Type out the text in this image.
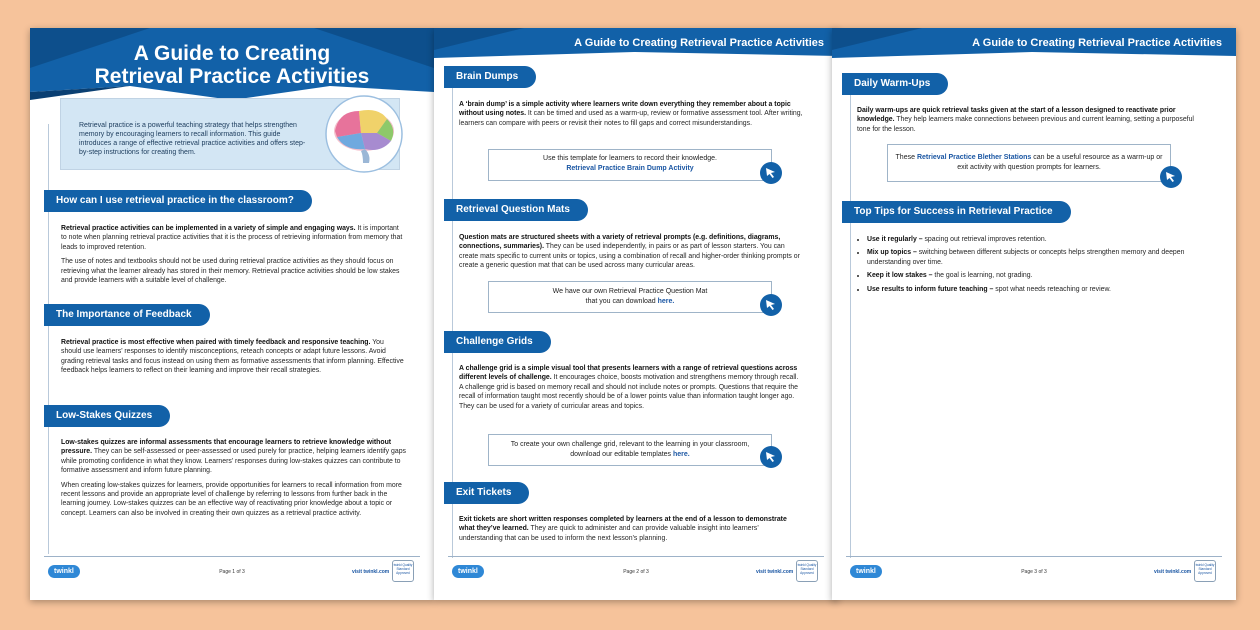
A Guide to Creating
Retrieval Practice Activities
Retrieval practice is a powerful teaching strategy that helps strengthen memory by encouraging learners to recall information. This guide introduces a range of effective retrieval practice activities and offers step-by-step instructions for creating them.
How can I use retrieval practice in the classroom?

Retrieval practice activities can be implemented in a variety of simple and engaging ways. It is important to note when planning retrieval practice activities that it is the process of retrieving information from memory that leads to improved retention.

The use of notes and textbooks should not be used during retrieval practice activities as they should focus on retrieving what the learner already has stored in their memory. Retrieval practice activities should be low stakes and provide learners with a suitable level of challenge.

The Importance of Feedback

Retrieval practice is most effective when paired with timely feedback and responsive teaching. You should use learners’ responses to identify misconceptions, reteach concepts or adapt future lessons. Avoid grading retrieval tasks and focus instead on using them as formative assessments that inform planning. Effective feedback helps learners to reflect on their learning and improve their recall strategies.

Low-Stakes Quizzes

Low-stakes quizzes are informal assessments that encourage learners to retrieve knowledge without pressure. They can be self-assessed or peer-assessed or used purely for practice, helping learners identify gaps while promoting confidence in what they know. Learners’ responses during low-stakes quizzes can contribute to formative assessment and inform future planning.

When creating low-stakes quizzes for learners, provide opportunities for learners to recall information from more recent lessons and provide an appropriate level of challenge by referring to lessons from further back in the learning journey. Low-stakes quizzes can be an effective way of reactivating prior knowledge about a topic or concept. Learners can also be involved in creating their own quizzes as a retrieval practice activity.

twinkl	Page 1 of 3	visit twinkl.com
twinkl Quality Standard Approved
A Guide to Creating Retrieval Practice Activities
Brain Dumps

A ‘brain dump’ is a simple activity where learners write down everything they remember about a topic without using notes. It can be timed and used as a warm-up, review or formative assessment tool. After writing, learners can compare with peers or revisit their notes to fill gaps and correct misunderstandings.

Use this template for learners to record their knowledge.
Retrieval Practice Brain Dump Activity
Retrieval Question Mats

Question mats are structured sheets with a variety of retrieval prompts (e.g. definitions, diagrams, connections, summaries). They can be used independently, in pairs or as part of lesson starters. You can create mats specific to current units or topics, using a combination of recall and higher-order thinking prompts or create a generic question mat that can be used across many curricular areas.

We have our own Retrieval Practice Question Mat
that you can download here.
Challenge Grids

A challenge grid is a simple visual tool that presents learners with a range of retrieval questions across different levels of challenge. It encourages choice, boosts motivation and strengthens memory through recall. A challenge grid is based on memory recall and should not include notes or prompts. Questions that require the recall of information taught most recently should be of a lower points value than information taught longer ago. They can be used for a variety of curricular areas and topics.

To create your own challenge grid, relevant to the learning in your classroom,
download our editable templates here.
Exit Tickets

Exit tickets are short written responses completed by learners at the end of a lesson to demonstrate what they’ve learned. They are quick to administer and can provide valuable insight into learners’ understanding that can be used to inform the next lesson’s planning.

twinkl	Page 2 of 3	visit twinkl.com
twinkl Quality Standard Approved
A Guide to Creating Retrieval Practice Activities
Daily Warm-Ups

Daily warm-ups are quick retrieval tasks given at the start of a lesson designed to reactivate prior knowledge. They help learners make connections between previous and current learning, setting a purposeful tone for the lesson.

These Retrieval Practice Blether Stations can be a useful resource as a warm-up or exit activity with question prompts for learners.
Top Tips for Success in Retrieval Practice
• Use it regularly – spacing out retrieval improves retention.
• Mix up topics – switching between different subjects or concepts helps strengthen memory and deepen understanding over time.
• Keep it low stakes – the goal is learning, not grading.
• Use results to inform future teaching – spot what needs reteaching or review.
twinkl	Page 3 of 3	visit twinkl.com
twinkl Quality Standard Approved
